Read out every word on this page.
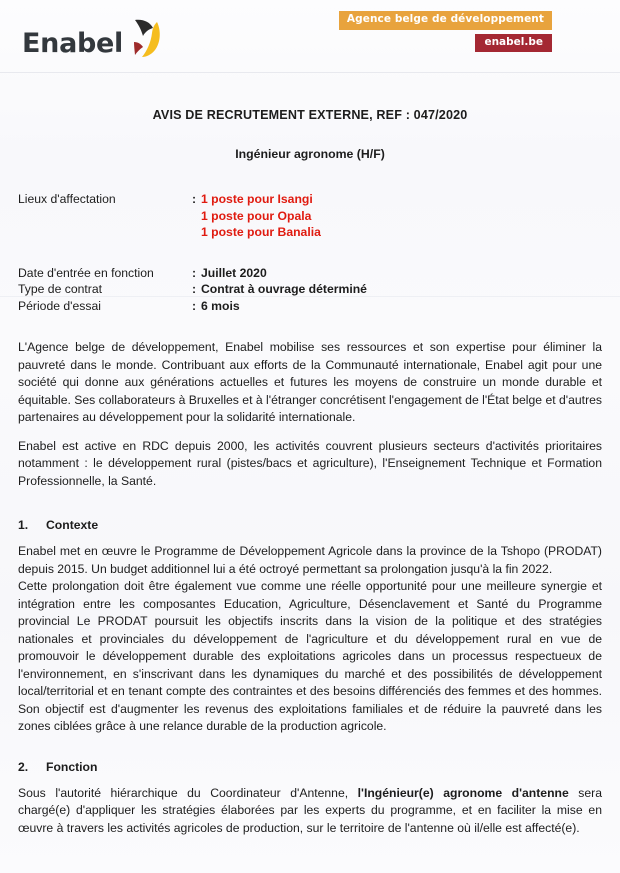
Enabel
Agence belge de développement
enabel.be
AVIS DE RECRUTEMENT EXTERNE, REF : 047/2020
Ingénieur agronome (H/F)
Lieux d'affectation	: 1 poste pour Isangi
1 poste pour Opala
1 poste pour Banalia
Date d'entrée en fonction	: Juillet 2020
Type de contrat	: Contrat à ouvrage déterminé
Période d'essai	: 6 mois

L'Agence belge de développement, Enabel mobilise ses ressources et son expertise pour éliminer la pauvreté dans le monde. Contribuant aux efforts de la Communauté internationale, Enabel agit pour une société qui donne aux générations actuelles et futures les moyens de construire un monde durable et équitable. Ses collaborateurs à Bruxelles et à l'étranger concrétisent l'engagement de l'État belge et d'autres partenaires au développement pour la solidarité internationale.

Enabel est active en RDC depuis 2000, les activités couvrent plusieurs secteurs d'activités prioritaires notamment : le développement rural (pistes/bacs et agriculture), l'Enseignement Technique et Formation Professionnelle, la Santé.

1.	Contexte

Enabel met en œuvre le Programme de Développement Agricole dans la province de la Tshopo (PRODAT) depuis 2015. Un budget additionnel lui a été octroyé permettant sa prolongation jusqu'à la fin 2022.

Cette prolongation doit être également vue comme une réelle opportunité pour une meilleure synergie et intégration entre les composantes Education, Agriculture, Désenclavement et Santé du Programme provincial Le PRODAT poursuit les objectifs inscrits dans la vision de la politique et des stratégies nationales et provinciales du développement de l'agriculture et du développement rural en vue de promouvoir le développement durable des exploitations agricoles dans un processus respectueux de l'environnement, en s'inscrivant dans les dynamiques du marché et des possibilités de développement local/territorial et en tenant compte des contraintes et des besoins différenciés des femmes et des hommes. Son objectif est d'augmenter les revenus des exploitations familiales et de réduire la pauvreté dans les zones ciblées grâce à une relance durable de la production agricole.

2.	Fonction

Sous l'autorité hiérarchique du Coordinateur d'Antenne, l'Ingénieur(e) agronome d'antenne sera chargé(e) d'appliquer les stratégies élaborées par les experts du programme, et en faciliter la mise en œuvre à travers les activités agricoles de production, sur le territoire de l'antenne où il/elle est affecté(e).
